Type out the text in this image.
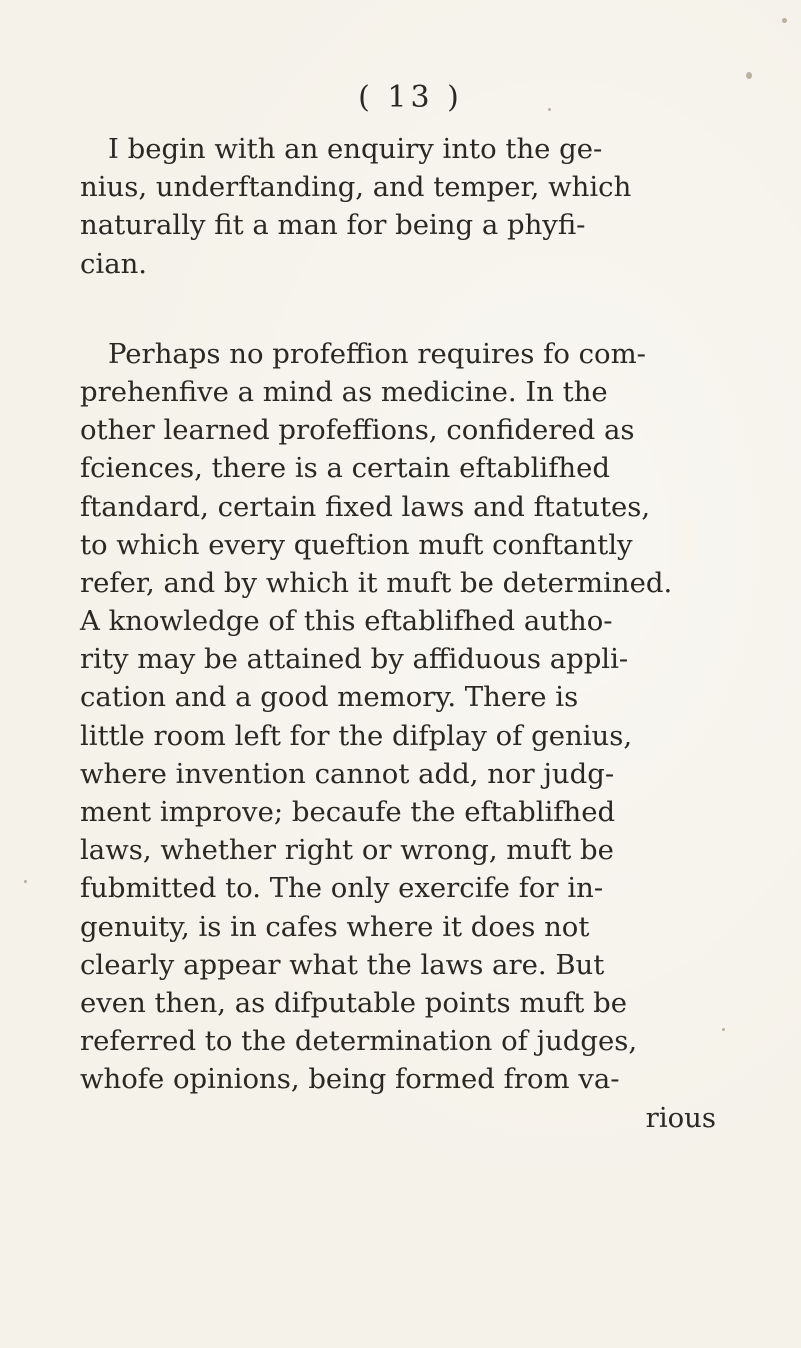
( 13 )
I begin with an enquiry into the ge-
nius, underftanding, and temper, which
naturally fit a man for being a phyfi-
cian.
Perhaps no profeffion requires fo com-
prehenfive a mind as medicine. In the
other learned profeffions, confidered as
fciences, there is a certain eftablifhed
ftandard, certain fixed laws and ftatutes,
to which every queftion muft conftantly
refer, and by which it muft be determined.
A knowledge of this eftablifhed autho-
rity may be attained by affiduous appli-
cation and a good memory. There is
little room left for the difplay of genius,
where invention cannot add, nor judg-
ment improve; becaufe the eftablifhed
laws, whether right or wrong, muft be
fubmitted to. The only exercife for in-
genuity, is in cafes where it does not
clearly appear what the laws are. But
even then, as difputable points muft be
referred to the determination of judges,
whofe opinions, being formed from va-
rious
